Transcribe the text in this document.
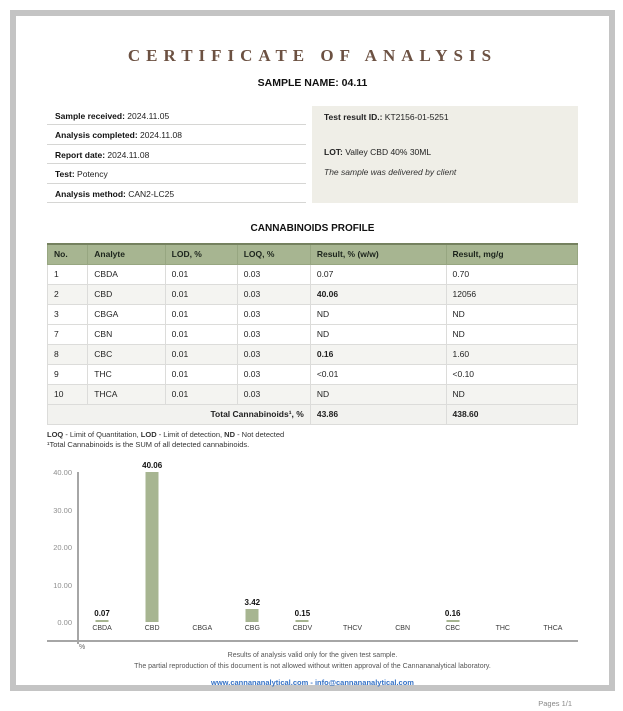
CERTIFICATE OF ANALYSIS
SAMPLE NAME: 04.11
Sample received: 2024.11.05
Analysis completed: 2024.11.08
Report date: 2024.11.08
Test: Potency
Analysis method: CAN2-LC25
Test result ID.: KT2156-01-5251
LOT: Valley CBD 40% 30ML
The sample was delivered by client
CANNABINOIDS PROFILE
No.	Analyte	LOD, %	LOQ, %	Result, % (w/w)	Result, mg/g
1	CBDA	0.01	0.03	0.07	0.70
2	CBD	0.01	0.03	40.06	12056
3	CBGA	0.01	0.03	ND	ND
7	CBN	0.01	0.03	ND	ND
8	CBC	0.01	0.03	0.16	1.60
9	THC	0.01	0.03	<0.01	<0.10
10	THCA	0.01	0.03	ND	ND
Total Cannabinoids¹, %				43.86	438.60
LOQ - Limit of Quantitation, LOD - Limit of detection, ND - Not detected
¹Total Cannabinoids is the SUM of all detected cannabinoids.
40.00
30.00
20.00
10.00
0.00
0.07
40.06
3.42
0.15	0.16
CBDA	CBD	CBGA	CBG	CBDV	THCV	CBN	CBC	THC	THCA
%
Results of analysis valid only for the given test sample.
The partial reproduction of this document is not allowed without written approval of the Cannananalytical laboratory.
www.cannananalytical.com - info@cannananalytical.com
Pages 1/1
